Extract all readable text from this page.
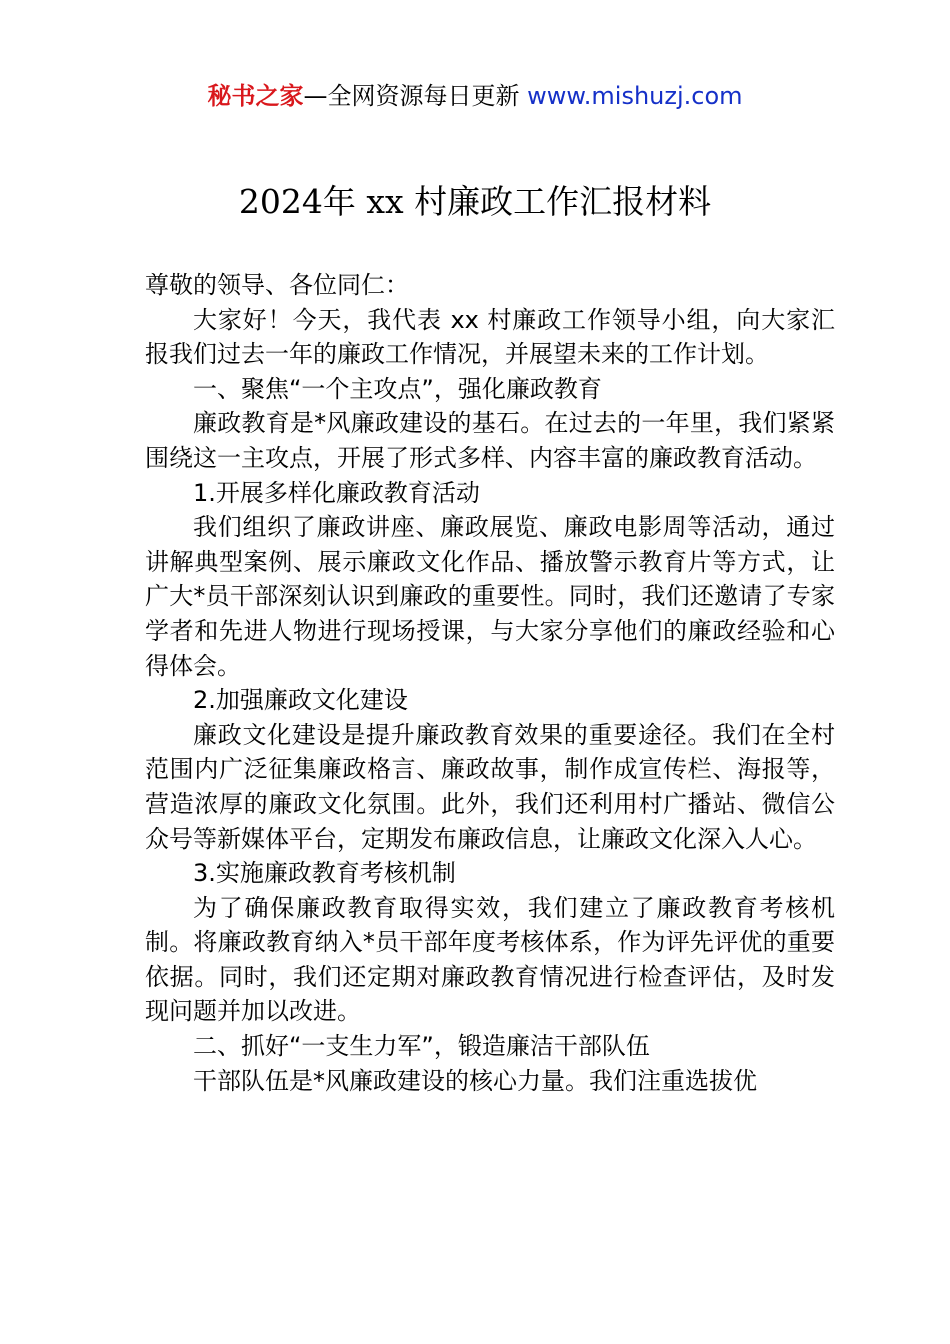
秘书之家—全网资源每日更新 www.mishuzj.com
2024年 xx 村廉政工作汇报材料

尊敬的领导、各位同仁：

大家好！今天，我代表 xx 村廉政工作领导小组，向大家汇报我们过去一年的廉政工作情况，并展望未来的工作计划。

一、聚焦“一个主攻点”，强化廉政教育

廉政教育是*风廉政建设的基石。在过去的一年里，我们紧紧围绕这一主攻点，开展了形式多样、内容丰富的廉政教育活动。

1.开展多样化廉政教育活动

我们组织了廉政讲座、廉政展览、廉政电影周等活动，通过讲解典型案例、展示廉政文化作品、播放警示教育片等方式，让广大*员干部深刻认识到廉政的重要性。同时，我们还邀请了专家学者和先进人物进行现场授课，与大家分享他们的廉政经验和心得体会。

2.加强廉政文化建设

廉政文化建设是提升廉政教育效果的重要途径。我们在全村范围内广泛征集廉政格言、廉政故事，制作成宣传栏、海报等，营造浓厚的廉政文化氛围。此外，我们还利用村广播站、微信公众号等新媒体平台，定期发布廉政信息，让廉政文化深入人心。

3.实施廉政教育考核机制

为了确保廉政教育取得实效，我们建立了廉政教育考核机制。将廉政教育纳入*员干部年度考核体系，作为评先评优的重要依据。同时，我们还定期对廉政教育情况进行检查评估，及时发现问题并加以改进。

二、抓好“一支生力军”，锻造廉洁干部队伍

干部队伍是*风廉政建设的核心力量。我们注重选拔优
